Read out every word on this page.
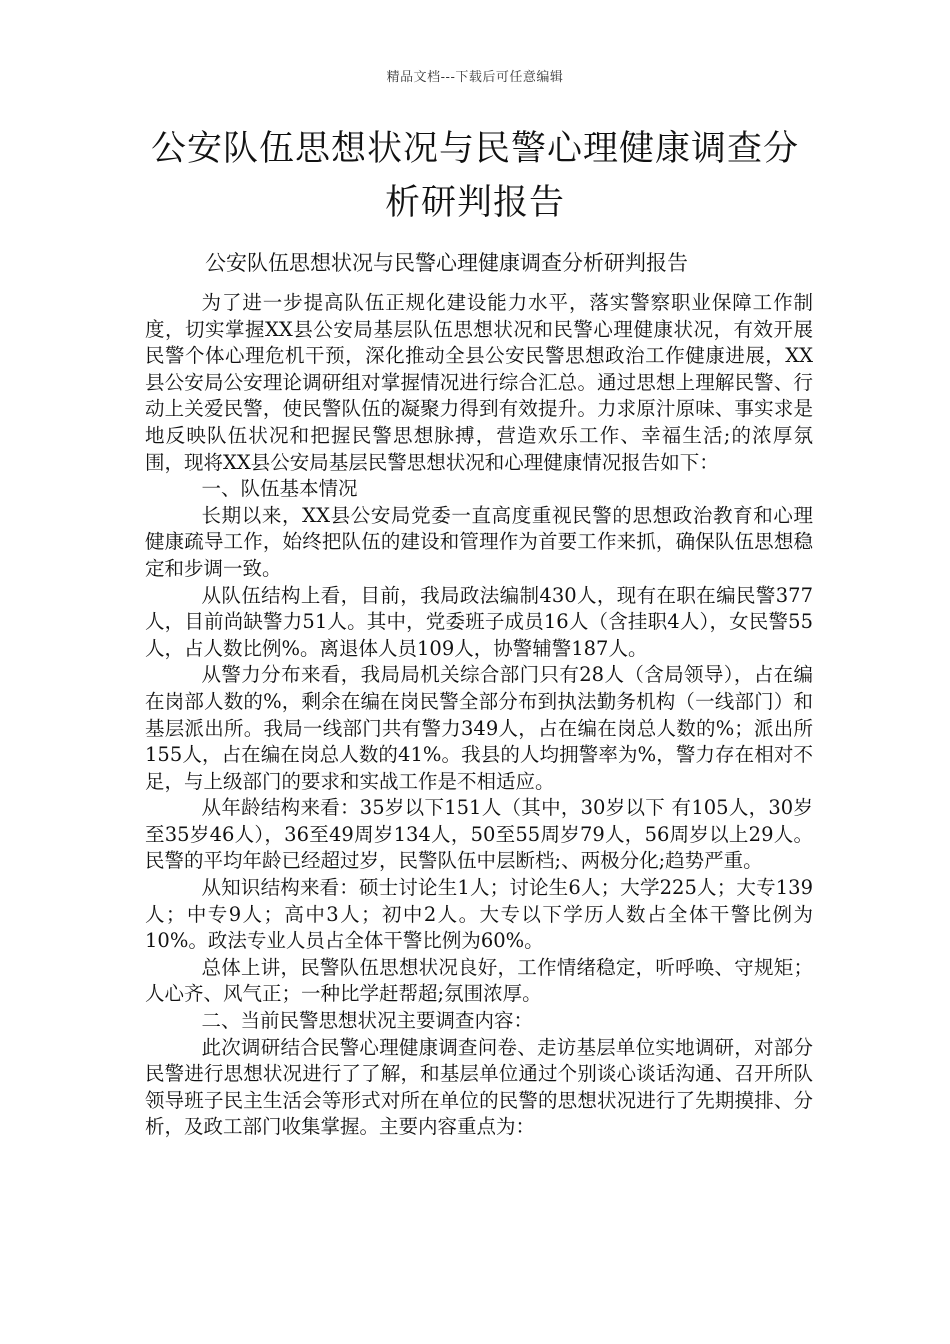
精品文档---下载后可任意编辑
公安队伍思想状况与民警心理健康调查分析研判报告

公安队伍思想状况与民警心理健康调查分析研判报告

为了进一步提高队伍正规化建设能力水平，落实警察职业保障工作制度，切实掌握XX县公安局基层队伍思想状况和民警心理健康状况，有效开展民警个体心理危机干预，深化推动全县公安民警思想政治工作健康进展，XX县公安局公安理论调研组对掌握情况进行综合汇总。通过思想上理解民警、行动上关爱民警，使民警队伍的凝聚力得到有效提升。力求原汁原味、事实求是地反映队伍状况和把握民警思想脉搏，营造欢乐工作、幸福生活;的浓厚氛围，现将XX县公安局基层民警思想状况和心理健康情况报告如下：

一、队伍基本情况

长期以来，XX县公安局党委一直高度重视民警的思想政治教育和心理健康疏导工作，始终把队伍的建设和管理作为首要工作来抓，确保队伍思想稳定和步调一致。

从队伍结构上看，目前，我局政法编制430人，现有在职在编民警377人，目前尚缺警力51人。其中，党委班子成员16人（含挂职4人），女民警55人，占人数比例%。离退体人员109人，协警辅警187人。

从警力分布来看，我局局机关综合部门只有28人（含局领导），占在编在岗部人数的%，剩余在编在岗民警全部分布到执法勤务机构（一线部门）和基层派出所。我局一线部门共有警力349人，占在编在岗总人数的%；派出所155人，占在编在岗总人数的41%。我县的人均拥警率为%，警力存在相对不足，与上级部门的要求和实战工作是不相适应。

从年龄结构来看：35岁以下151人（其中，30岁以下 有105人，30岁至35岁46人），36至49周岁134人，50至55周岁79人，56周岁以上29人。民警的平均年龄已经超过岁，民警队伍中层断档;、两极分化;趋势严重。

从知识结构来看：硕士讨论生1人；讨论生6人；大学225人；大专139人；中专9人；高中3人；初中2人。大专以下学历人数占全体干警比例为10%。政法专业人员占全体干警比例为60%。

总体上讲，民警队伍思想状况良好，工作情绪稳定，听呼唤、守规矩；人心齐、风气正；一种比学赶帮超;氛围浓厚。

二、当前民警思想状况主要调查内容：

此次调研结合民警心理健康调查问卷、走访基层单位实地调研，对部分民警进行思想状况进行了了解，和基层单位通过个别谈心谈话沟通、召开所队领导班子民主生活会等形式对所在单位的民警的思想状况进行了先期摸排、分析，及政工部门收集掌握。主要内容重点为：
